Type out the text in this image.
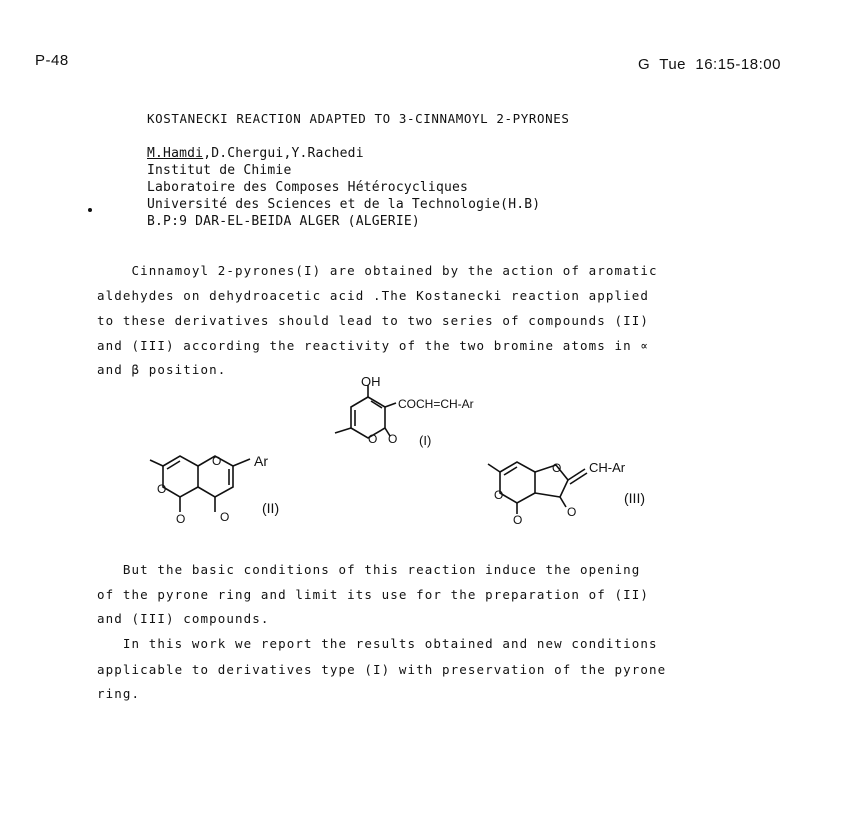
P-48	G  Tue  16:15-18:00
KOSTANECKI REACTION ADAPTED TO 3-CINNAMOYL 2-PYRONES
M.Hamdi,D.Chergui,Y.Rachedi
Institut de Chimie
Laboratoire des Composes Hétérocycliques
Université des Sciences et de la Technologie(H.B)
B.P:9 DAR-EL-BEIDA ALGER (ALGERIE)
Cinnamoyl 2-pyrones(I) are obtained by the action of aromatic
aldehydes on dehydroacetic acid .The Kostanecki reaction applied
to these derivatives should lead to two series of compounds (II)
and (III) according the reactivity of the two bromine atoms in ∝
and β position.
OH
COCH=CH-Ar
O O (I)
O
O
O	O
Ar
(II)
O
O
O
O
CH-Ar
(III)
But the basic conditions of this reaction induce the opening
of the pyrone ring and limit its use for the preparation of (II)
and (III) compounds.
In this work we report the results obtained and new conditions
applicable to derivatives type (I) with preservation of the pyrone
ring.
